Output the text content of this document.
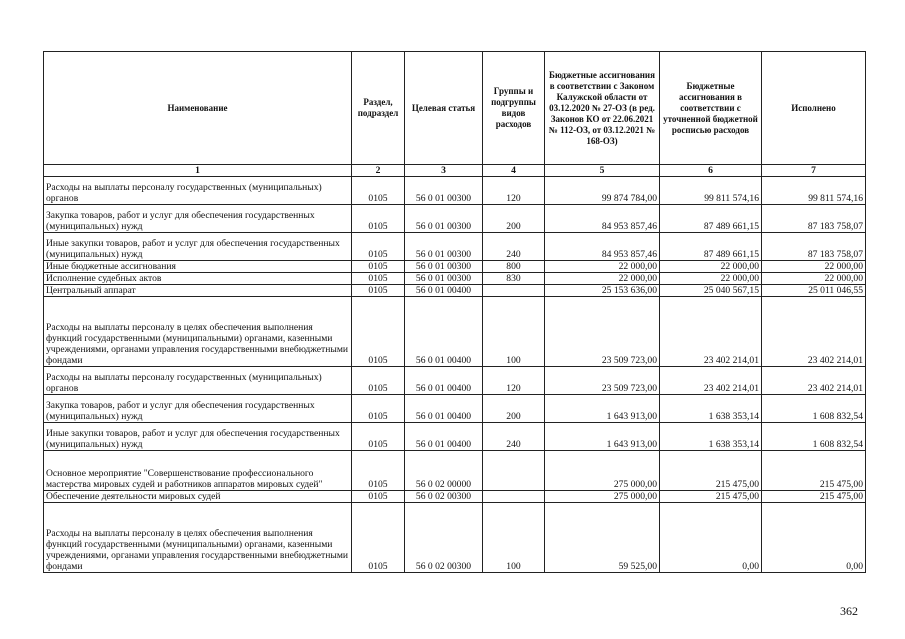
Наименование	Раздел, подраздел	Целевая статья	Группы и подгруппы видов расходов	Бюджетные ассигнования в соответствии с Законом Калужской области от 03.12.2020 № 27-ОЗ (в ред. Законов КО от 22.06.2021 № 112-ОЗ, от 03.12.2021 № 168-ОЗ)	Бюджетные ассигнования в соответствии с уточненной бюджетной росписью расходов	Исполнено
1	2	3	4	5	6	7
Расходы на выплаты персоналу государственных (муниципальных) органов	0105	56 0 01 00300	120	99 874 784,00	99 811 574,16	99 811 574,16
Закупка товаров, работ и услуг для обеспечения государственных (муниципальных) нужд	0105	56 0 01 00300	200	84 953 857,46	87 489 661,15	87 183 758,07
Иные закупки товаров, работ и услуг для обеспечения государственных (муниципальных) нужд	0105	56 0 01 00300	240	84 953 857,46	87 489 661,15	87 183 758,07
Иные бюджетные ассигнования	0105	56 0 01 00300	800	22 000,00	22 000,00	22 000,00
Исполнение судебных актов	0105	56 0 01 00300	830	22 000,00	22 000,00	22 000,00
Центральный аппарат	0105	56 0 01 00400		25 153 636,00	25 040 567,15	25 011 046,55
Расходы на выплаты персоналу в целях обеспечения выполнения функций государственными (муниципальными) органами, казенными учреждениями, органами управления государственными внебюджетными фондами	0105	56 0 01 00400	100	23 509 723,00	23 402 214,01	23 402 214,01
Расходы на выплаты персоналу государственных (муниципальных) органов	0105	56 0 01 00400	120	23 509 723,00	23 402 214,01	23 402 214,01
Закупка товаров, работ и услуг для обеспечения государственных (муниципальных) нужд	0105	56 0 01 00400	200	1 643 913,00	1 638 353,14	1 608 832,54
Иные закупки товаров, работ и услуг для обеспечения государственных (муниципальных) нужд	0105	56 0 01 00400	240	1 643 913,00	1 638 353,14	1 608 832,54
Основное мероприятие "Совершенствование профессионального мастерства мировых судей и работников аппаратов мировых судей"	0105	56 0 02 00000		275 000,00	215 475,00	215 475,00
Обеспечение деятельности мировых судей	0105	56 0 02 00300		275 000,00	215 475,00	215 475,00
Расходы на выплаты персоналу в целях обеспечения выполнения функций государственными (муниципальными) органами, казенными учреждениями, органами управления государственными внебюджетными фондами	0105	56 0 02 00300	100	59 525,00	0,00	0,00
362
